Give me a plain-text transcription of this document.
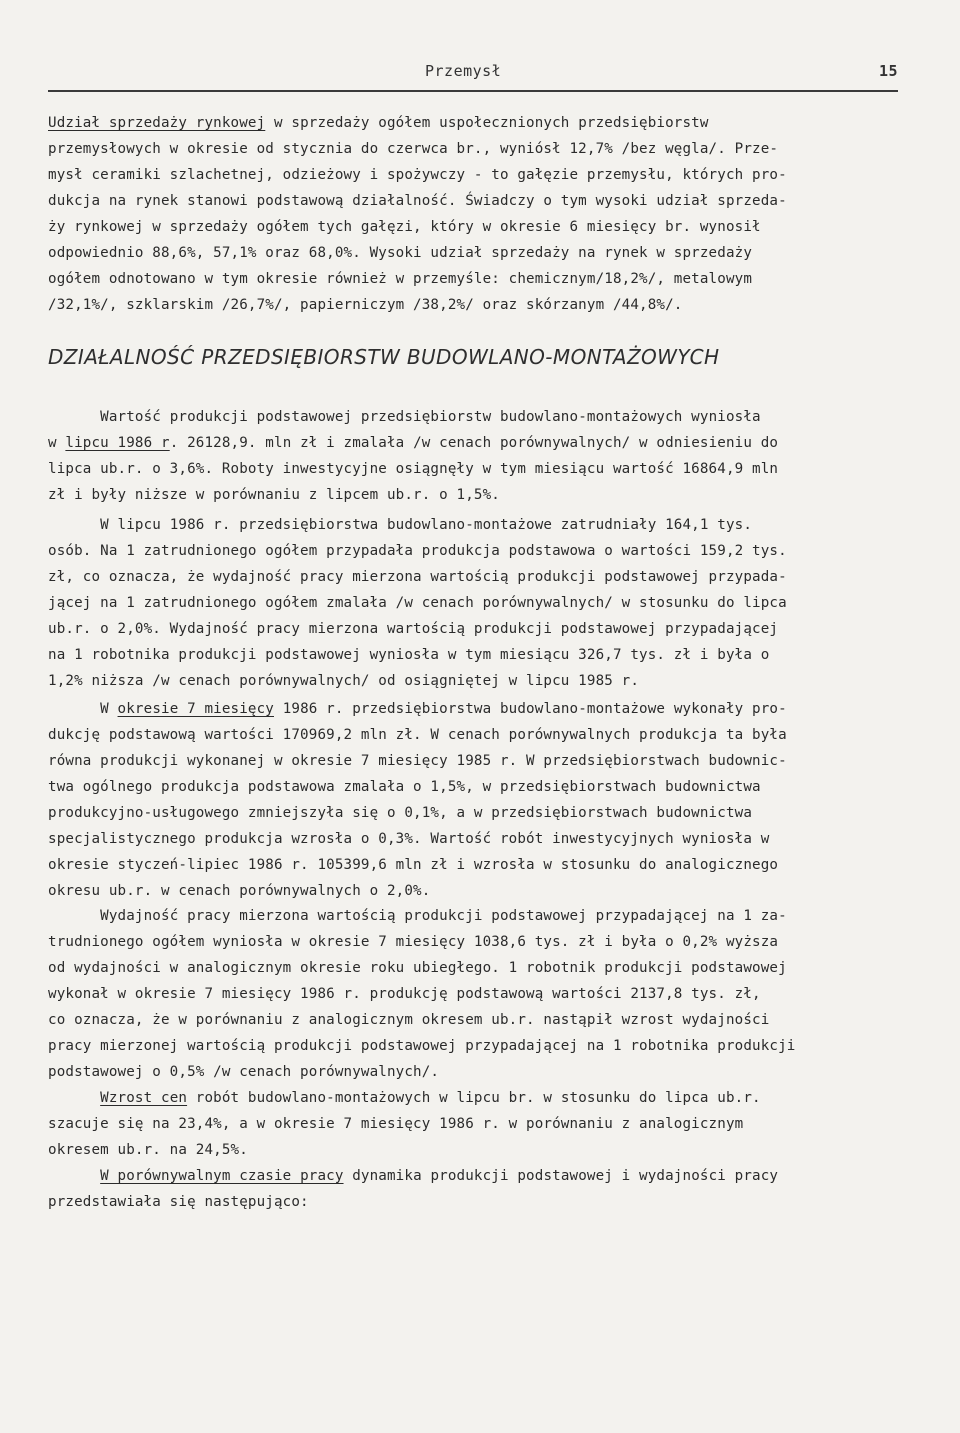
Przemysł	15

Udział sprzedaży rynkowej w sprzedaży ogółem uspołecznionych przedsiębiorstw
przemysłowych w okresie od stycznia do czerwca br., wyniósł 12,7% /bez węgla/. Prze-
mysł ceramiki szlachetnej, odzieżowy i spożywczy - to gałęzie przemysłu, których pro-
dukcja na rynek stanowi podstawową działalność. Świadczy o tym wysoki udział sprzeda-
ży rynkowej w sprzedaży ogółem tych gałęzi, który w okresie 6 miesięcy br. wynosił
odpowiednio 88,6%, 57,1% oraz 68,0%. Wysoki udział sprzedaży na rynek w sprzedaży
ogółem odnotowano w tym okresie również w przemyśle: chemicznym/18,2%/, metalowym
/32,1%/, szklarskim /26,7%/, papierniczym /38,2%/ oraz skórzanym /44,8%/.

DZIAŁALNOŚĆ PRZEDSIĘBIORSTW BUDOWLANO-MONTAŻOWYCH

Wartość produkcji podstawowej przedsiębiorstw budowlano-montażowych wyniosła
w lipcu 1986 r. 26128,9. mln zł i zmalała /w cenach porównywalnych/ w odniesieniu do
lipca ub.r. o 3,6%. Roboty inwestycyjne osiągnęły w tym miesiącu wartość 16864,9 mln
zł i były niższe w porównaniu z lipcem ub.r. o 1,5%.

W lipcu 1986 r. przedsiębiorstwa budowlano-montażowe zatrudniały 164,1 tys.
osób. Na 1 zatrudnionego ogółem przypadała produkcja podstawowa o wartości 159,2 tys.
zł, co oznacza, że wydajność pracy mierzona wartością produkcji podstawowej przypada-
jącej na 1 zatrudnionego ogółem zmalała /w cenach porównywalnych/ w stosunku do lipca
ub.r. o 2,0%. Wydajność pracy mierzona wartością produkcji podstawowej przypadającej
na 1 robotnika produkcji podstawowej wyniosła w tym miesiącu 326,7 tys. zł i była o
1,2% niższa /w cenach porównywalnych/ od osiągniętej w lipcu 1985 r.

W okresie 7 miesięcy 1986 r. przedsiębiorstwa budowlano-montażowe wykonały pro-
dukcję podstawową wartości 170969,2 mln zł. W cenach porównywalnych produkcja ta była
równa produkcji wykonanej w okresie 7 miesięcy 1985 r. W przedsiębiorstwach budownic-
twa ogólnego produkcja podstawowa zmalała o 1,5%, w przedsiębiorstwach budownictwa
produkcyjno-usługowego zmniejszyła się o 0,1%, a w przedsiębiorstwach budownictwa
specjalistycznego produkcja wzrosła o 0,3%. Wartość robót inwestycyjnych wyniosła w
okresie styczeń-lipiec 1986 r. 105399,6 mln zł i wzrosła w stosunku do analogicznego
okresu ub.r. w cenach porównywalnych o 2,0%.

Wydajność pracy mierzona wartością produkcji podstawowej przypadającej na 1 za-
trudnionego ogółem wyniosła w okresie 7 miesięcy 1038,6 tys. zł i była o 0,2% wyższa
od wydajności w analogicznym okresie roku ubiegłego. 1 robotnik produkcji podstawowej
wykonał w okresie 7 miesięcy 1986 r. produkcję podstawową wartości 2137,8 tys. zł,
co oznacza, że w porównaniu z analogicznym okresem ub.r. nastąpił wzrost wydajności
pracy mierzonej wartością produkcji podstawowej przypadającej na 1 robotnika produkcji
podstawowej o 0,5% /w cenach porównywalnych/.

Wzrost cen robót budowlano-montażowych w lipcu br. w stosunku do lipca ub.r.
szacuje się na 23,4%, a w okresie 7 miesięcy 1986 r. w porównaniu z analogicznym
okresem ub.r. na 24,5%.

W porównywalnym czasie pracy dynamika produkcji podstawowej i wydajności pracy
przedstawiała się następująco:
